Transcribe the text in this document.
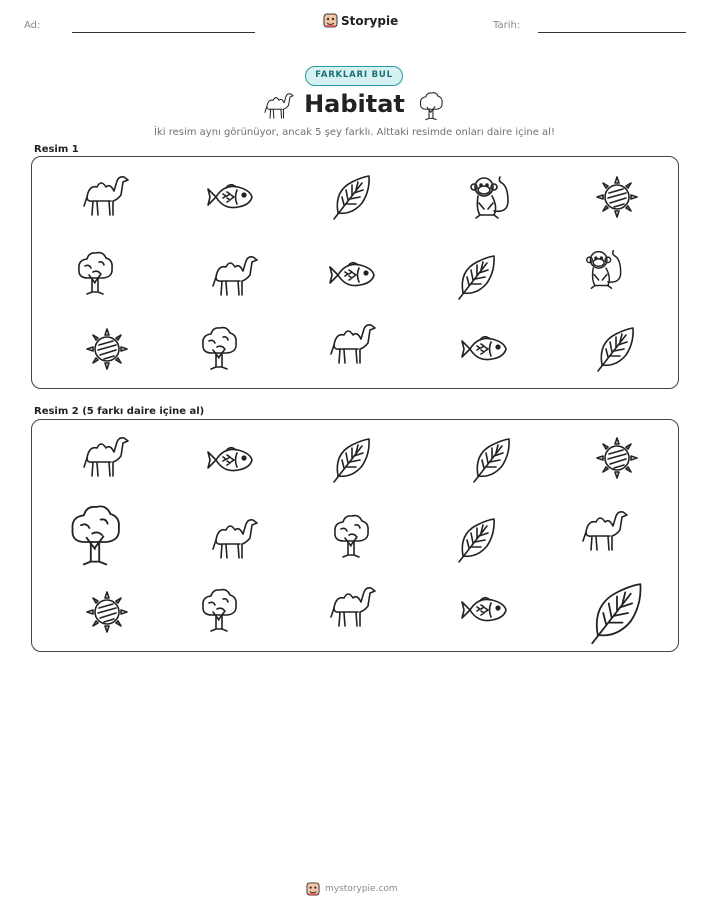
Ad:	Storypie	Tarih:
FARKLARI BUL
Habitat
İki resim aynı görünüyor, ancak 5 şey farklı. Alttaki resimde onları daire içine al!
Resim 1
Resim 2 (5 farkı daire içine al)
mystorypie.com
